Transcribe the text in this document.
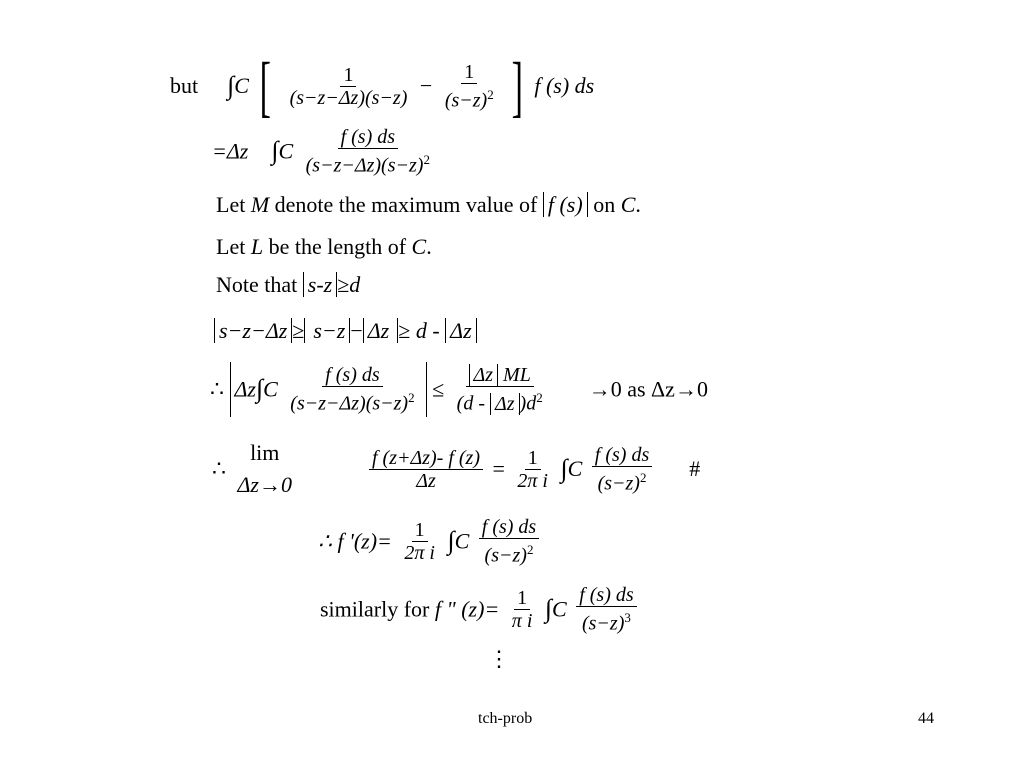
but ∫C [ $\frac{1}{(s-z-\Delta z)(s-z)} - \frac{1}{(s-z)^2}$ ] f (s) ds
=Δz $\int C \frac{f (s) ds}{(s-z-\Delta z)(s-z)^2}$
Let M denote the maximum value of f (s) on C.
Let L be the length of C.
Note that s-z ≥d
s−z−Δz ≥ s−z − Δz ≥ d - Δz
∴ $\Delta z\int C \frac{f (s) ds}{(s-z-\Delta z)(s-z)^2} \le \frac{\text{Δz ML}}{(d - \Delta z )d^2} \to 0$ as Δz→0
∴
lim
Δz→0
	$\frac{f (z+\Delta z)- f (z)}{\Delta z} = \frac{1}{\text{2π i}} \int C \frac{f (s) ds}{(s-z)^2}$ #
∴ f '$(z)= \frac{1}{\text{2π i}} \int C \frac{f (s) ds}{(s-z)^2}$
similarly for f " $(z)= \frac{1}{\text{π i}} \int C \frac{f (s) ds}{(s-z)^3}$
⋮
tch-prob	44
